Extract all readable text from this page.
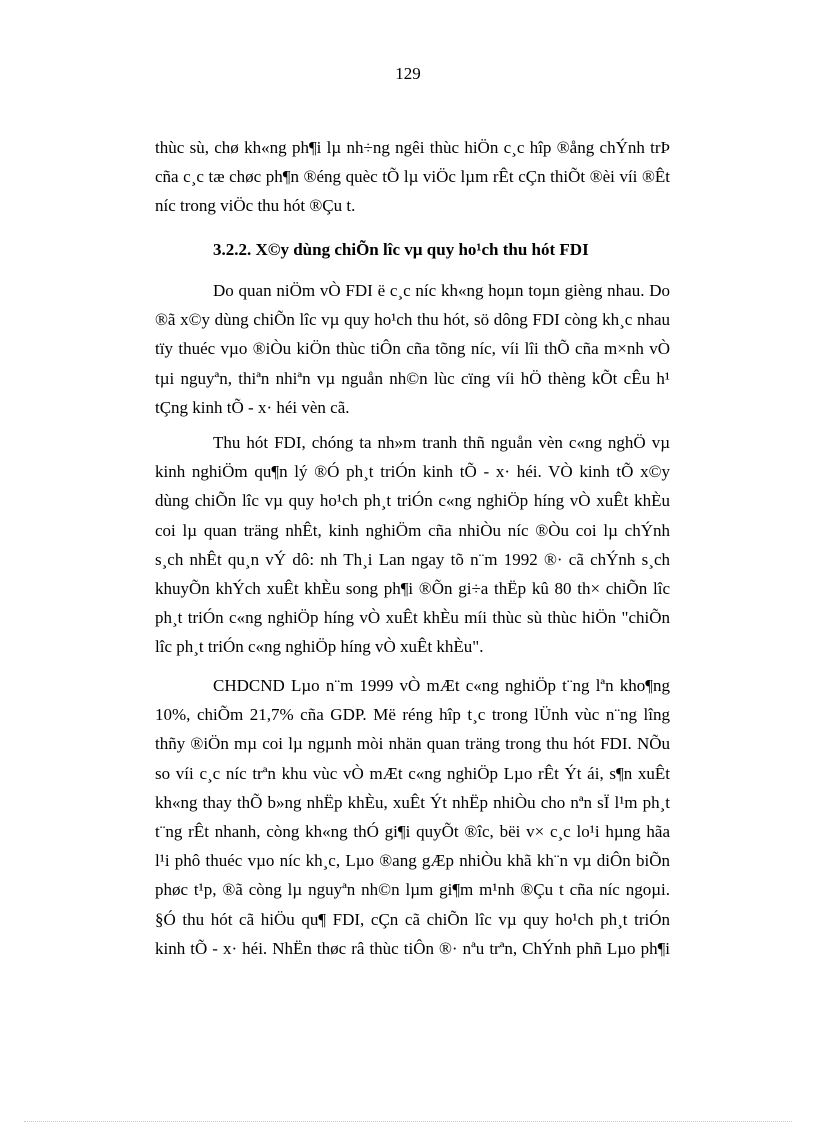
129
thùc sù, chø kh«ng ph¶i lµ nh÷ng ngêi thùc hiÖn c¸c hîp ®ång chÝnh trÞ
cña c¸c tæ chøc ph¶n ®éng quèc tÕ lµ viÖc lµm rÊt cÇn thiÕt ®èi víi ®Êt
níc trong viÖc thu hót ®Çu t.
3.2.2. X©y dùng chiÕn lîc vµ quy ho¹ch thu hót FDI
Do quan niÖm vÒ FDI ë c¸c níc kh«ng hoµn toµn gièng nhau. Do
®ã x©y dùng chiÕn lîc vµ quy ho¹ch thu hót, sö dông FDI còng kh¸c nhau
tïy thuéc vµo ®iÒu kiÖn thùc tiÔn cña tõng níc, víi lîi thÕ cña m×nh vÒ
tµi nguyªn, thiªn nhiªn vµ nguån nh©n lùc cïng víi hÖ thèng kÕt cÊu h¹
tÇng kinh tÕ - x· héi vèn cã.
Thu hót FDI, chóng ta nh»m tranh thñ nguån vèn c«ng nghÖ vµ
kinh nghiÖm qu¶n lý ®Ó ph¸t triÓn kinh tÕ - x· héi. VÒ kinh tÕ x©y
dùng chiÕn lîc vµ quy ho¹ch ph¸t triÓn c«ng nghiÖp híng vÒ xuÊt khÈu
coi lµ quan träng nhÊt, kinh nghiÖm cña nhiÒu níc ®Òu coi lµ chÝnh
s¸ch nhÊt qu¸n vÝ dô: nh Th¸i Lan ngay tõ n¨m 1992 ®· cã chÝnh s¸ch
khuyÕn khÝch xuÊt khÈu song ph¶i ®Õn gi÷a thËp kû 80 th× chiÕn lîc
ph¸t triÓn c«ng nghiÖp híng vÒ xuÊt khÈu míi thùc sù thùc hiÖn "chiÕn
lîc ph¸t triÓn c«ng nghiÖp híng vÒ xuÊt khÈu".
CHDCND Lµo n¨m 1999 vÒ mÆt c«ng nghiÖp t¨ng lªn kho¶ng
10%, chiÕm 21,7% cña GDP. Më réng hîp t¸c trong lÜnh vùc n¨ng lîng
thñy ®iÖn mµ coi lµ ngµnh mòi nhän quan träng trong thu hót FDI. NÕu
so víi c¸c níc trªn khu vùc vÒ mÆt c«ng nghiÖp Lµo rÊt Ýt ái, s¶n xuÊt
kh«ng thay thÕ b»ng nhËp khÈu, xuÊt Ýt nhËp nhiÒu cho nªn sÏ l¹m ph¸t
t¨ng rÊt nhanh, còng kh«ng thÓ gi¶i quyÕt ®îc, bëi v× c¸c lo¹i hµng hãa
l¹i phô thuéc vµo níc kh¸c, Lµo ®ang gÆp nhiÒu khã kh¨n vµ diÔn biÕn
phøc t¹p, ®ã còng lµ nguyªn nh©n lµm gi¶m m¹nh ®Çu t cña níc ngoµi.
§Ó thu hót cã hiÖu qu¶ FDI, cÇn cã chiÕn lîc vµ quy ho¹ch ph¸t triÓn
kinh tÕ - x· héi. NhËn thøc râ thùc tiÔn ®· nªu trªn, ChÝnh phñ Lµo ph¶i
